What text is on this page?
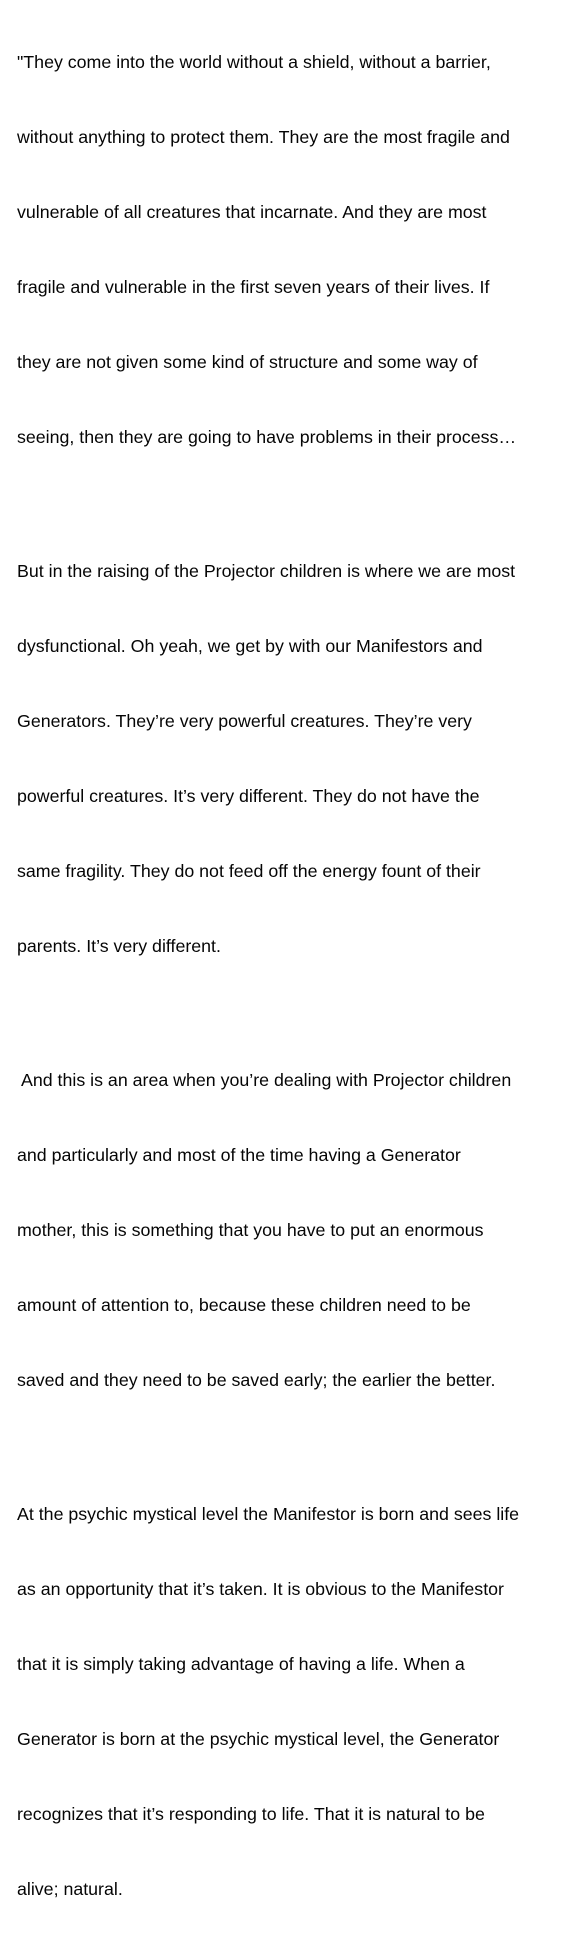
"They come into the world without a shield, without a barrier,

without anything to protect them. They are the most fragile and

vulnerable of all creatures that incarnate. And they are most

fragile and vulnerable in the first seven years of their lives. If

they are not given some kind of structure and some way of

seeing, then they are going to have problems in their process…

But in the raising of the Projector children is where we are most

dysfunctional. Oh yeah, we get by with our Manifestors and

Generators. They’re very powerful creatures. They’re very

powerful creatures. It’s very different. They do not have the

same fragility. They do not feed off the energy fount of their

parents. It’s very different.

And this is an area when you’re dealing with Projector children

and particularly and most of the time having a Generator

mother, this is something that you have to put an enormous

amount of attention to, because these children need to be

saved and they need to be saved early; the earlier the better.

At the psychic mystical level the Manifestor is born and sees life

as an opportunity that it’s taken. It is obvious to the Manifestor

that it is simply taking advantage of having a life. When a

Generator is born at the psychic mystical level, the Generator

recognizes that it’s responding to life. That it is natural to be

alive; natural.
